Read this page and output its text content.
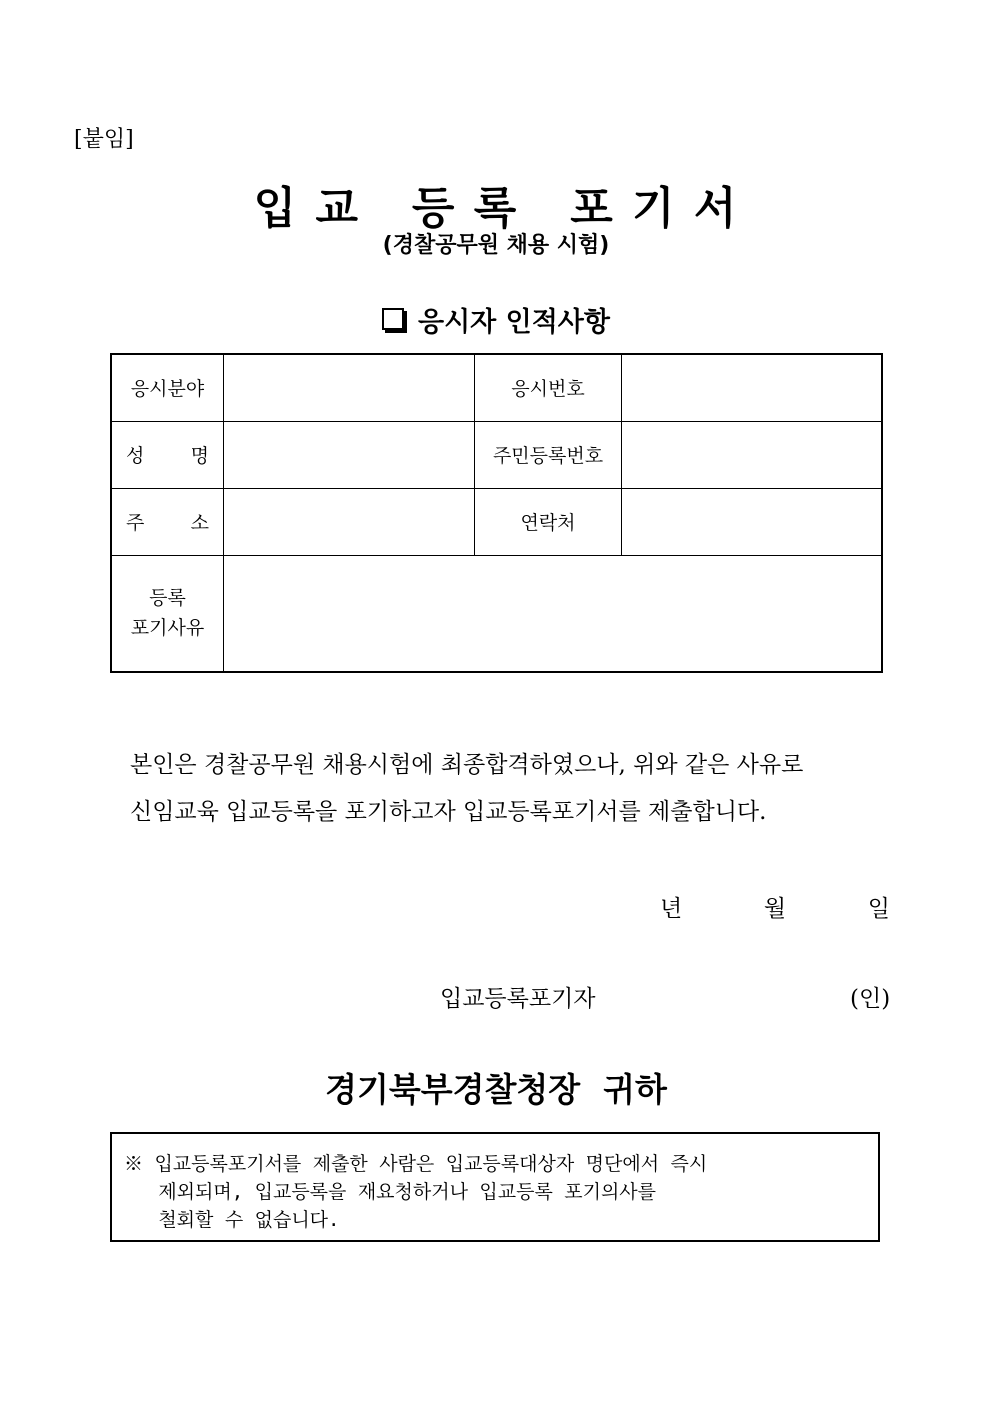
[붙임]
입 교   등 록   포 기 서
(경찰공무원 채용 시험)
응시자 인적사항
응시분야		응시번호	

성 명		주민등록번호	

주 소		연락처	

등록
포기사유			

본인은 경찰공무원 채용시험에 최종합격하였으나, 위와 같은 사유로
신임교육 입교등록을 포기하고자 입교등록포기서를 제출합니다.
년	월	일
입교등록포기자	(인)
경기북부경찰청장  귀하
※ 입교등록포기서를 제출한 사람은 입교등록대상자 명단에서 즉시
제외되며, 입교등록을 재요청하거나 입교등록 포기의사를
철회할 수 없습니다.
